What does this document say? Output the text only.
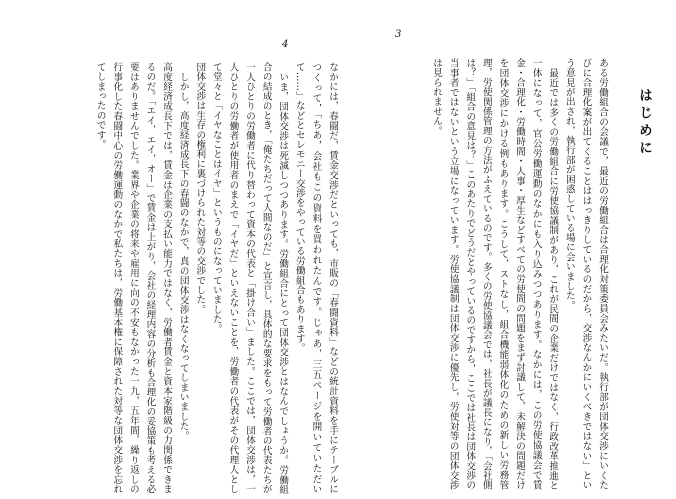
4
3
はじめに

ある労働組合の会議で，最近の労働組合は合理化対策委員会みたいだ。執行部が団体交渉にいくたびに合理化案が出てくることははっきりしているのだから，交渉なんかにいくべきではない」という意見が出され，執行部が困惑している場に会いました。

最近では多くの労働組合に労使協議制があり，これが民間の企業だけではなく，行政改革推進と一体になって，官公労働運動のなかにも入り込みつつあります。なかには，この労使協議会で賃金・合理化・労働時間・人事・厚生などすべての労使間の問題をまず討議して，未解決の問題だけを団体交渉にかける例もあります。こうして，ストなし，組合機能弱体化のための新しい労務管理，労使関係管理の方法がふえているのです。多くの労使協議会では，社長が議長になり，「会社側は？」「組合の意見は？」このあたりでどうだとやっているのですから，ここでは社長は団体交渉の当事者ではないという立場になっています。労使協議制は団体交渉に優先し，労使対等の団体交渉は見られません。

なかには，春闘だ，賃金交渉だといっても，市販の「春闘資料」などの統計資料を手にテーブルにつくって，「ちあ，会社もこの資料を買われたんです。じゃあ，三五ページを開いていただいて……」などとセレモニー交渉をやっている労働組合もあります。

いま，団体交渉は死滅しつつあります。労働組合にとって団体交渉とはなんでしょうか。労働組合の結成のとき，「俺たちだって人間なのだ」と宣言し，具体的な要求をもって労働者の代表たちが一人ひとりの労働者に代り替わって資本の代表と「掛け合い」ました。ここでは，団体交渉は，一人ひとりの労働者が使用者のまえで「イヤだ」といえないことを，労働者の代表がその代理人として堂々と「イヤなことはイヤ」というものになっていました。

団体交渉は生存の権利に裏づけられた対等の交渉でした。

しかし，高度経済成長下の春闘のなかで，真の団体交渉はなくなってしまいました。

高度経済成長下では，賃金は企業の支払い能力ではなく，労働者賃金と資本家階級の力関係できまるのだ。「エイ，エイ，オー」で賃金は上がり，会社の経理内容の分析も合理化の妥協策も考える必要はありませんでした。業界や企業の将来や雇用に向の不安もなかった一九，五年間，繰り返しの行事化した春闘中心の労働運動のなかで私たちは，労働基本権に保障された対等な団体交渉を忘れてしまったのです。
